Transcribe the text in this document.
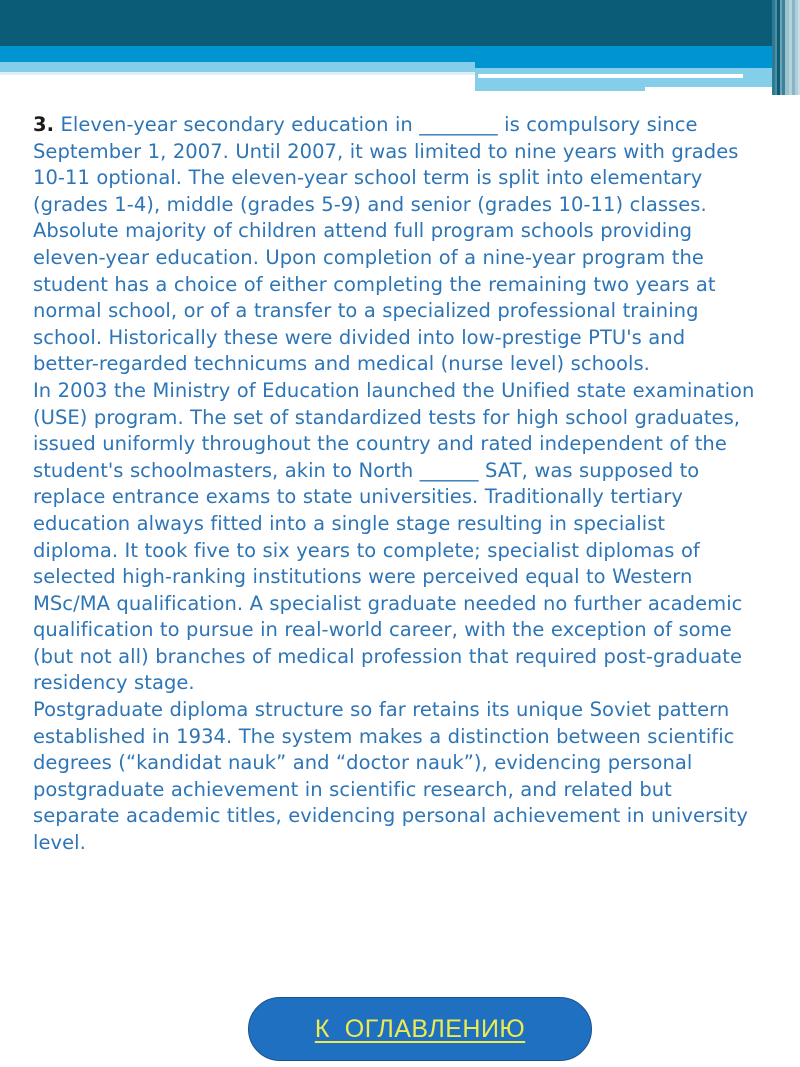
3. Eleven-year secondary education in ________ is compulsory since September 1, 2007. Until 2007, it was limited to nine years with grades 10-11 optional. The eleven-year school term is split into elementary (grades 1-4), middle (grades 5-9) and senior (grades 10-11) classes. Absolute majority of children attend full program schools providing eleven-year education. Upon completion of a nine-year program the student has a choice of either completing the remaining two years at normal school, or of a transfer to a specialized professional training school. Historically these were divided into low-prestige PTU's and better-regarded technicums and medical (nurse level) schools.

In 2003 the Ministry of Education launched the Unified state examination (USE) program. The set of standardized tests for high school graduates, issued uniformly throughout the country and rated independent of the student's schoolmasters, akin to North ______ SAT, was supposed to replace entrance exams to state universities. Traditionally tertiary education always fitted into a single stage resulting in specialist diploma. It took five to six years to complete; specialist diplomas of selected high-ranking institutions were perceived equal to Western MSc/MA qualification. A specialist graduate needed no further academic qualification to pursue in real-world career, with the exception of some (but not all) branches of medical profession that required post-graduate residency stage.

Postgraduate diploma structure so far retains its unique Soviet pattern established in 1934. The system makes a distinction between scientific degrees (“kandidat nauk” and “doctor nauk”), evidencing personal postgraduate achievement in scientific research, and related but separate academic titles, evidencing personal achievement in university level.

К  ОГЛАВЛЕНИЮ
